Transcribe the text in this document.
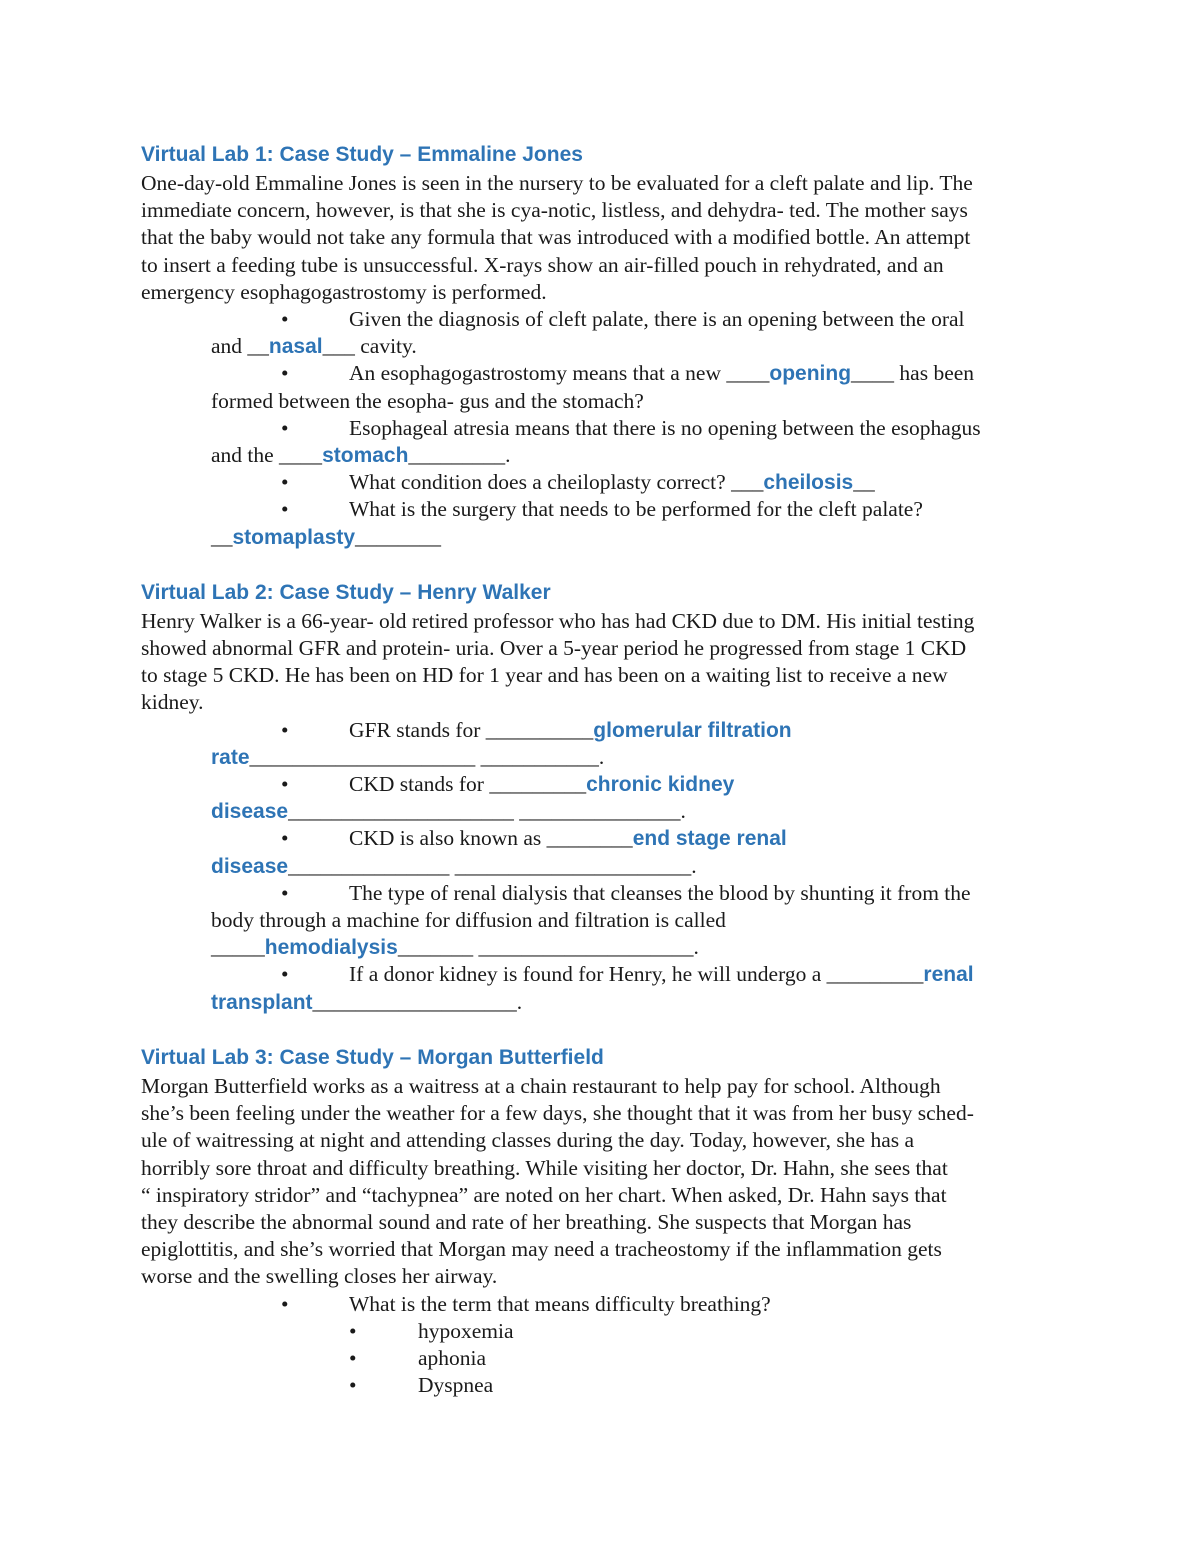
Virtual Lab 1: Case Study – Emmaline Jones
One-day-old Emmaline Jones is seen in the nursery to be evaluated for a cleft palate and lip. The
immediate concern, however, is that she is cya-notic, listless, and dehydra- ted. The mother says
that the baby would not take any formula that was introduced with a modified bottle. An attempt
to insert a feeding tube is unsuccessful. X-rays show an air-filled pouch in rehydrated, and an
emergency esophagogastrostomy is performed.
•	Given the diagnosis of cleft palate, there is an opening between the oral
and __nasal___ cavity.
•	An esophagogastrostomy means that a new ____opening____ has been
formed between the esopha- gus and the stomach?
•	Esophageal atresia means that there is no opening between the esophagus
and the ____stomach_________.
•	What condition does a cheiloplasty correct? ___cheilosis__
•	What is the surgery that needs to be performed for the cleft palate?
__stomaplasty________
Virtual Lab 2: Case Study – Henry Walker
Henry Walker is a 66-year- old retired professor who has had CKD due to DM. His initial testing
showed abnormal GFR and protein- uria. Over a 5-year period he progressed from stage 1 CKD
to stage 5 CKD. He has been on HD for 1 year and has been on a waiting list to receive a new
kidney.
•	GFR stands for __________glomerular filtration
rate_____________________ ___________.
•	CKD stands for _________chronic kidney
disease_____________________ _______________.
•	CKD is also known as ________end stage renal
disease_______________ ______________________.
•	The type of renal dialysis that cleanses the blood by shunting it from the
body through a machine for diffusion and filtration is called
_____hemodialysis_______ ____________________.
•	If a donor kidney is found for Henry, he will undergo a _________renal
transplant___________________.
Virtual Lab 3: Case Study – Morgan Butterfield
Morgan Butterfield works as a waitress at a chain restaurant to help pay for school. Although
she’s been feeling under the weather for a few days, she thought that it was from her busy sched-
ule of waitressing at night and attending classes during the day. Today, however, she has a
horribly sore throat and difficulty breathing. While visiting her doctor, Dr. Hahn, she sees that
“ inspiratory stridor” and “tachypnea” are noted on her chart. When asked, Dr. Hahn says that
they describe the abnormal sound and rate of her breathing. She suspects that Morgan has
epiglottitis, and she’s worried that Morgan may need a tracheostomy if the inflammation gets
worse and the swelling closes her airway.
•	What is the term that means difficulty breathing?
•	hypoxemia
•	aphonia
•	Dyspnea
